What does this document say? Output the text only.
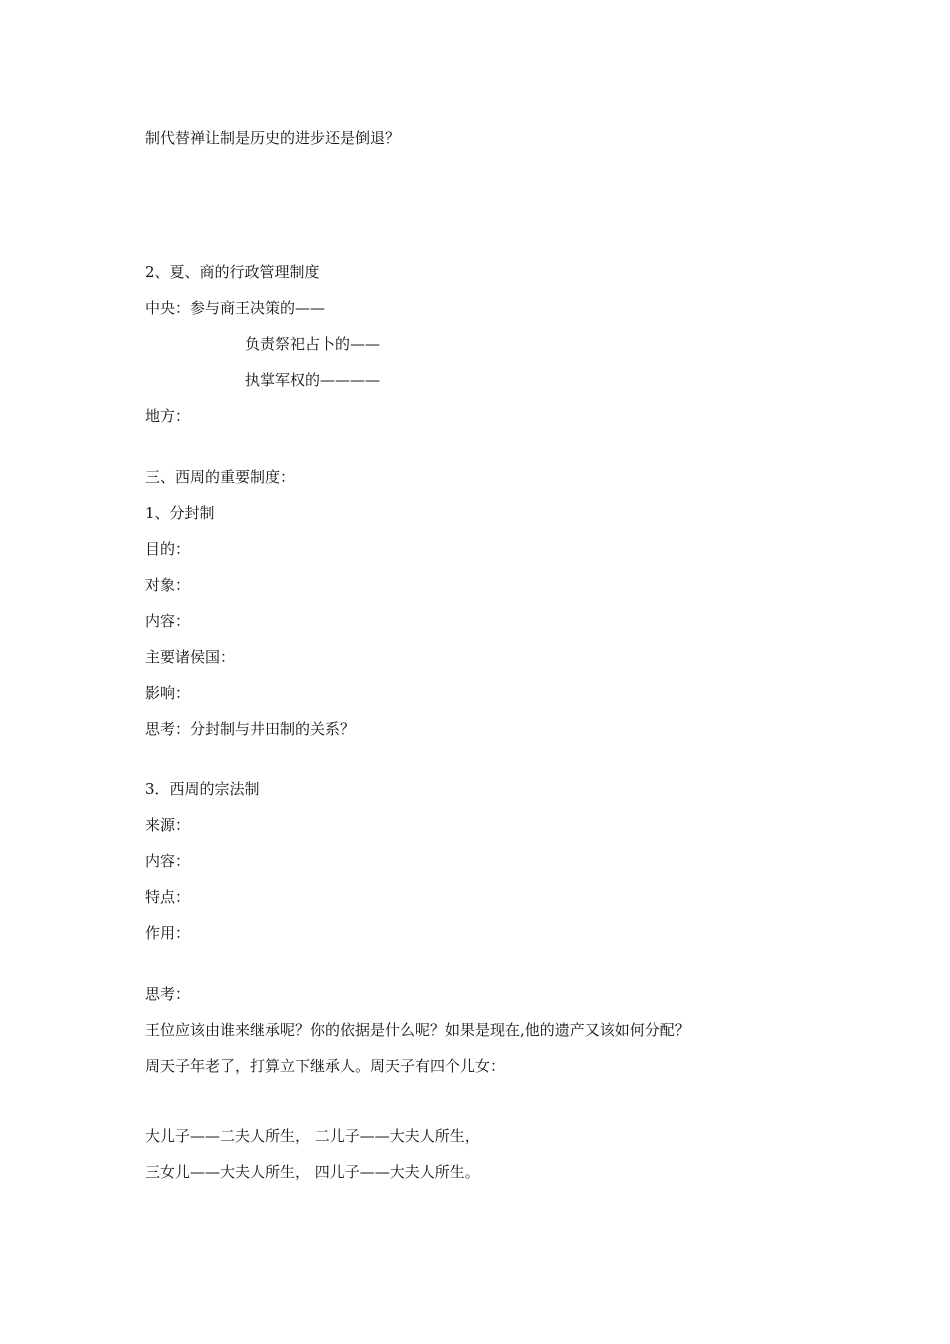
制代替禅让制是历史的进步还是倒退？
2、夏、商的行政管理制度
中央：参与商王决策的——
负责祭祀占卜的——
执掌军权的————
地方：
三、西周的重要制度：
1、分封制
目的：
对象：
内容：
主要诸侯国：
影响：
思考：分封制与井田制的关系？
3．西周的宗法制
来源：
内容：
特点：
作用：
思考：
王位应该由谁来继承呢？你的依据是什么呢？如果是现在,他的遗产又该如何分配？
周天子年老了，打算立下继承人。周天子有四个儿女：
大儿子——二夫人所生， 二儿子——大夫人所生，
三女儿——大夫人所生， 四儿子——大夫人所生。
